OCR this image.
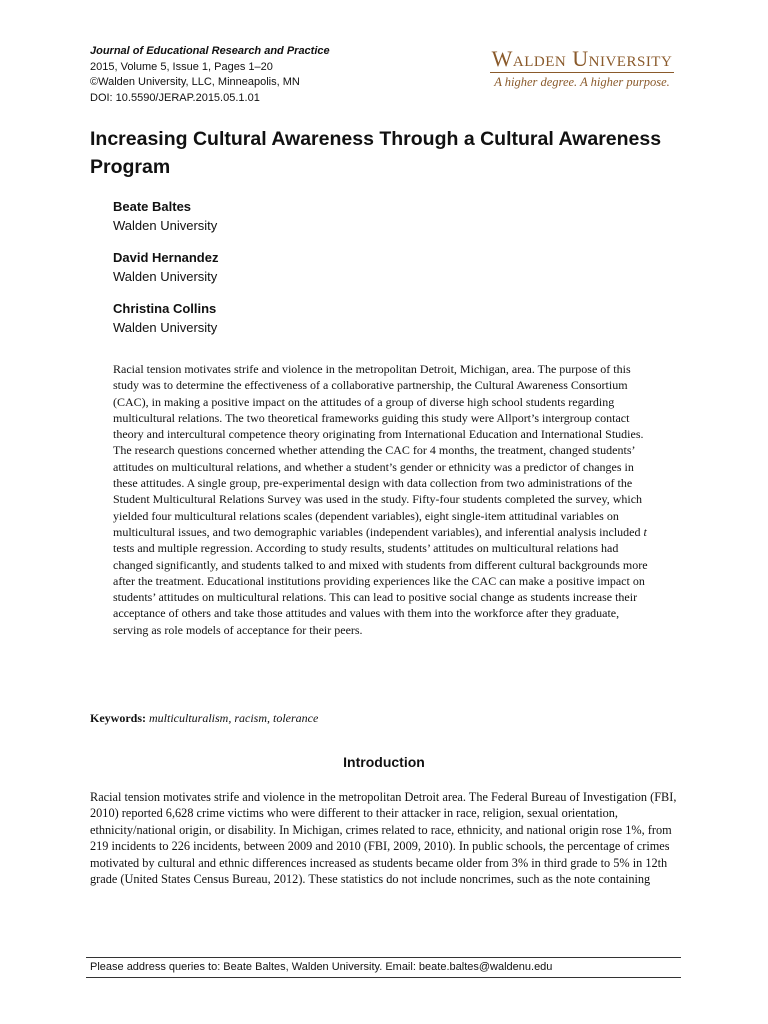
Journal of Educational Research and Practice
2015, Volume 5, Issue 1, Pages 1–20
©Walden University, LLC, Minneapolis, MN
DOI: 10.5590/JERAP.2015.05.1.01
Walden University
A higher degree. A higher purpose.
Increasing Cultural Awareness Through a Cultural Awareness Program
Beate Baltes
Walden University
David Hernandez
Walden University
Christina Collins
Walden University

Racial tension motivates strife and violence in the metropolitan Detroit, Michigan, area. The purpose of this study was to determine the effectiveness of a collaborative partnership, the Cultural Awareness Consortium (CAC), in making a positive impact on the attitudes of a group of diverse high school students regarding multicultural relations. The two theoretical frameworks guiding this study were Allport’s intergroup contact theory and intercultural competence theory originating from International Education and International Studies. The research questions concerned whether attending the CAC for 4 months, the treatment, changed students’ attitudes on multicultural relations, and whether a student’s gender or ethnicity was a predictor of changes in these attitudes. A single group, pre-experimental design with data collection from two administrations of the Student Multicultural Relations Survey was used in the study. Fifty-four students completed the survey, which yielded four multicultural relations scales (dependent variables), eight single-item attitudinal variables on multicultural issues, and two demographic variables (independent variables), and inferential analysis included t tests and multiple regression. According to study results, students’ attitudes on multicultural relations had changed significantly, and students talked to and mixed with students from different cultural backgrounds more after the treatment. Educational institutions providing experiences like the CAC can make a positive impact on students’ attitudes on multicultural relations. This can lead to positive social change as students increase their acceptance of others and take those attitudes and values with them into the workforce after they graduate, serving as role models of acceptance for their peers.

Keywords: multiculturalism, racism, tolerance
Introduction

Racial tension motivates strife and violence in the metropolitan Detroit area. The Federal Bureau of Investigation (FBI, 2010) reported 6,628 crime victims who were different to their attacker in race, religion, sexual orientation, ethnicity/national origin, or disability. In Michigan, crimes related to race, ethnicity, and national origin rose 1%, from 219 incidents to 226 incidents, between 2009 and 2010 (FBI, 2009, 2010). In public schools, the percentage of crimes motivated by cultural and ethnic differences increased as students became older from 3% in third grade to 5% in 12th grade (United States Census Bureau, 2012). These statistics do not include noncrimes, such as the note containing

Please address queries to: Beate Baltes, Walden University. Email: beate.baltes@waldenu.edu
